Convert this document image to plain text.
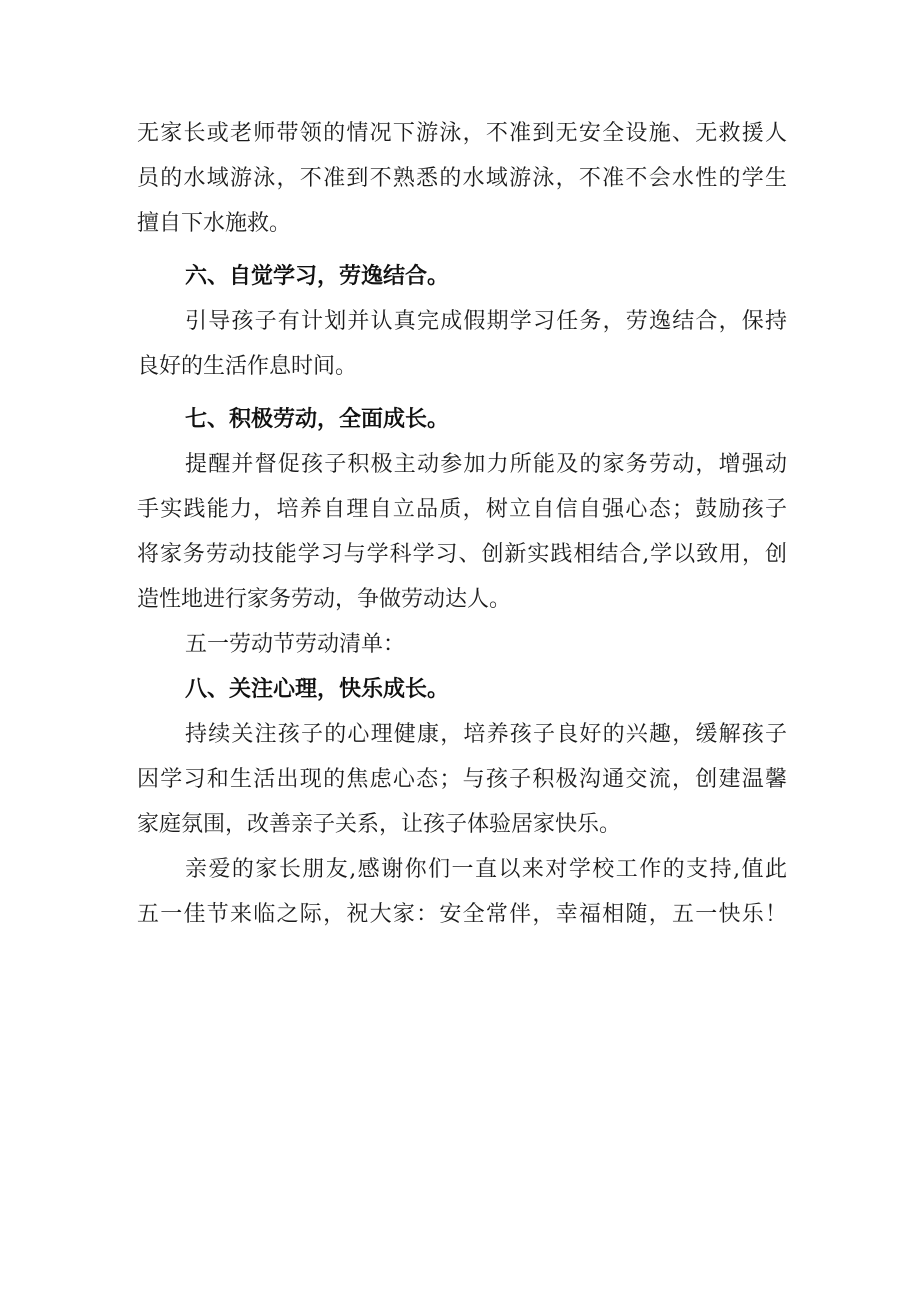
无家长或老师带领的情况下游泳，不准到无安全设施、无救援人
员的水域游泳，不准到不熟悉的水域游泳，不准不会水性的学生
擅自下水施救。
六、自觉学习，劳逸结合。
引导孩子有计划并认真完成假期学习任务，劳逸结合，保持
良好的生活作息时间。
七、积极劳动，全面成长。
提醒并督促孩子积极主动参加力所能及的家务劳动，增强动
手实践能力，培养自理自立品质，树立自信自强心态；鼓励孩子
将家务劳动技能学习与学科学习、创新实践相结合,学以致用，创
造性地进行家务劳动，争做劳动达人。
五一劳动节劳动清单：
八、关注心理，快乐成长。
持续关注孩子的心理健康，培养孩子良好的兴趣，缓解孩子
因学习和生活出现的焦虑心态；与孩子积极沟通交流，创建温馨
家庭氛围，改善亲子关系，让孩子体验居家快乐。
亲爱的家长朋友,感谢你们一直以来对学校工作的支持,值此
五一佳节来临之际，祝大家：安全常伴，幸福相随，五一快乐！
